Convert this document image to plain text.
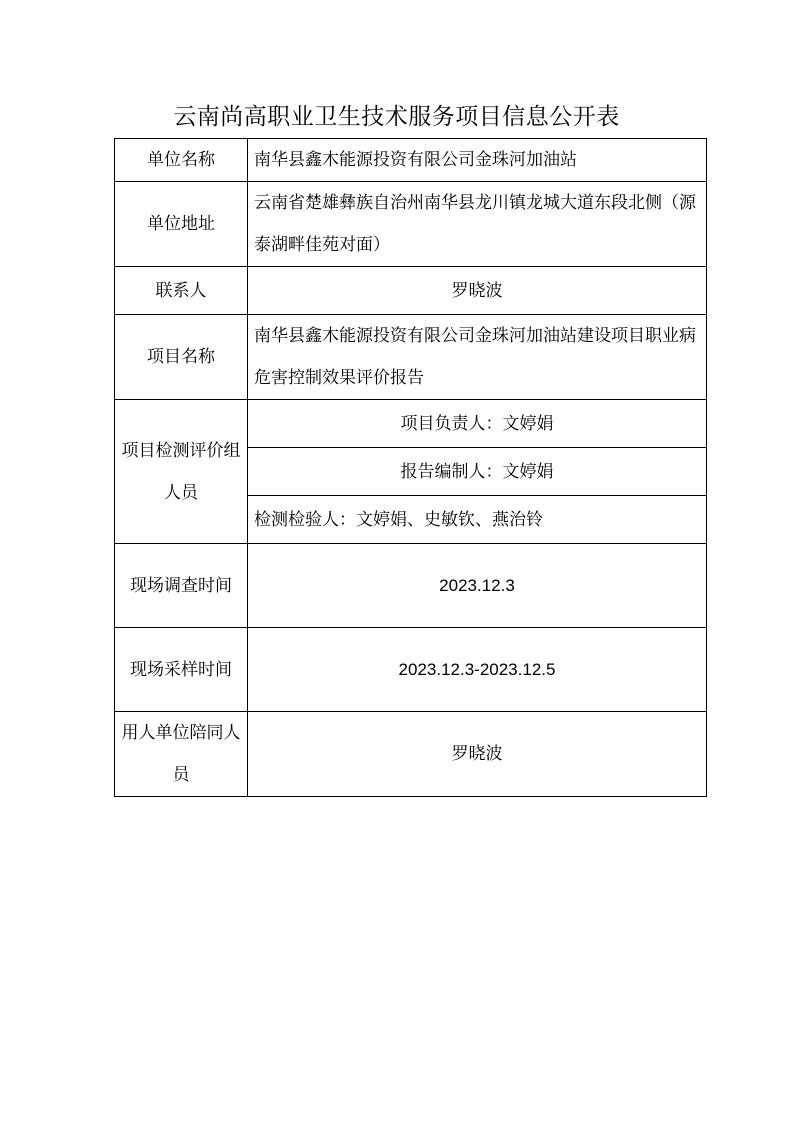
云南尚高职业卫生技术服务项目信息公开表
单位名称	南华县鑫木能源投资有限公司金珠河加油站
单位地址	云南省楚雄彝族自治州南华县龙川镇龙城大道东段北侧（源泰湖畔佳苑对面）
联系人	罗晓波
项目名称	南华县鑫木能源投资有限公司金珠河加油站建设项目职业病危害控制效果评价报告
项目检测评价组人员	项目负责人：文婷娟
	报告编制人：文婷娟
	检测检验人：文婷娟、史敏钦、燕治铃
现场调查时间	2023.12.3
现场采样时间	2023.12.3-2023.12.5
用人单位陪同人员	罗晓波
